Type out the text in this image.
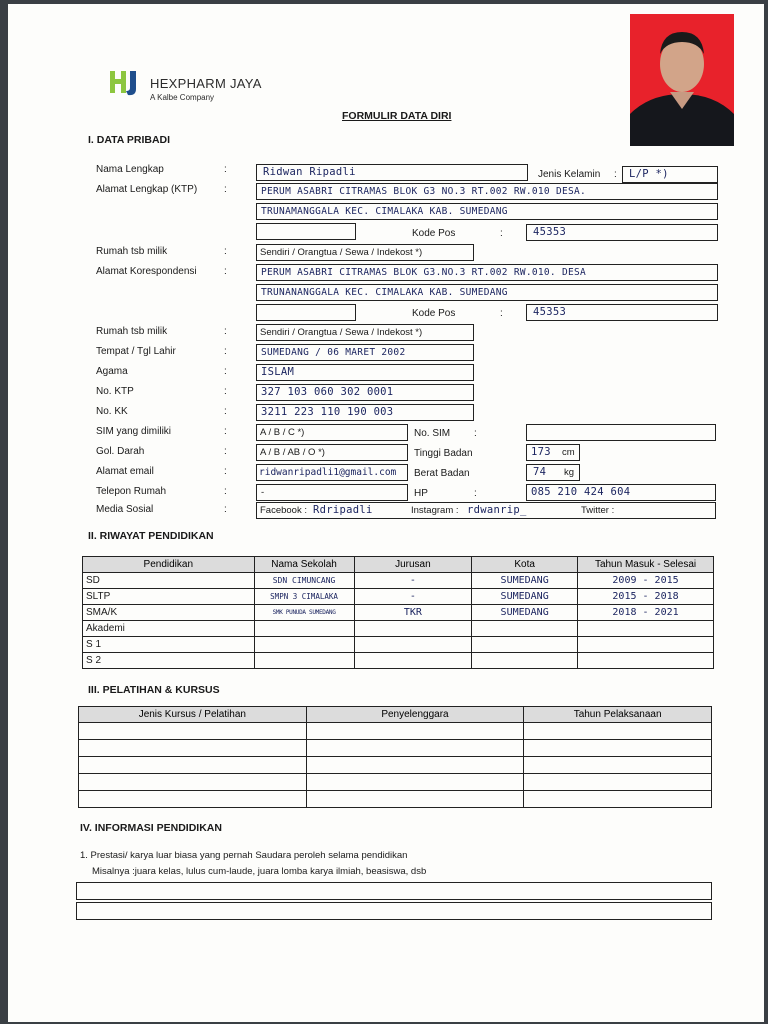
HEXPHARM JAYA
A Kalbe Company
FORMULIR DATA DIRI
I. DATA PRIBADI
Nama Lengkap	:	Ridwan Ripadli	Jenis Kelamin : L/P *)
Alamat Lengkap (KTP)	:	PERUM ASABRI CITRAMAS BLOK G3 NO.3 RT.002 RW.010 DESA.
TRUNAMANGGALA KEC. CIMALAKA KAB. SUMEDANG
Kode Pos	:	45353
Rumah tsb milik	:	Sendiri / Orangtua / Sewa / Indekost *)
Alamat Korespondensi	:	PERUM ASABRI CITRAMAS BLOK G3.NO.3 RT.002 RW.010. DESA
TRUNANANGGALA KEC. CIMALAKA KAB. SUMEDANG
Kode Pos	:	45353
Rumah tsb milik	:	Sendiri / Orangtua / Sewa / Indekost *)
Tempat / Tgl Lahir	:	SUMEDANG / 06 MARET 2002
Agama	:	ISLAM
No. KTP	:	327 103 060 302 0001
No. KK	:	3211 223 110 190 003
SIM yang dimiliki	:	A / B / C *)	No. SIM :
Gol. Darah	:	A / B / AB / O *)	Tinggi Badan	173 cm
Alamat email	:	ridwanripadli1@gmail.com Berat Badan	74 kg
Telepon Rumah	:	-	HP	:	085 210 424 604
Media Sosial	:	Facebook : Rdripadli	Instagram : rdwanrip_	Twitter :
II. RIWAYAT PENDIDIKAN
Pendidikan	Nama Sekolah	Jurusan	Kota	Tahun Masuk - Selesai
SD	SDN CIMUNCANG	-	SUMEDANG	2009 - 2015
SLTP	SMPN 3 CIMALAKA	-	SUMEDANG	2015 - 2018
SMA/K	SMK PUNUDA SUMEDANG	TKR	SUMEDANG	2018 - 2021
Akademi				
S 1				
S 2				
III. PELATIHAN & KURSUS
Jenis Kursus / Pelatihan	Penyelenggara	Tahun Pelaksanaan

IV. INFORMASI PENDIDIKAN
1. Prestasi/ karya luar biasa yang pernah Saudara peroleh selama pendidikan
Misalnya :juara kelas, lulus cum-laude, juara lomba karya ilmiah, beasiswa, dsb
